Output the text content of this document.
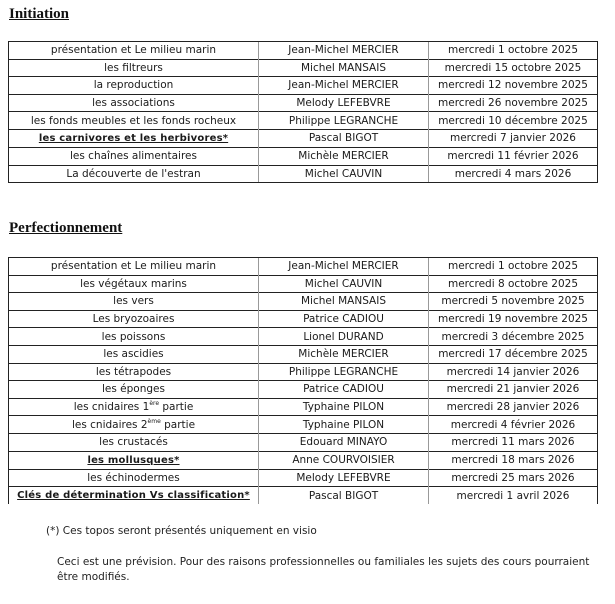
Initiation
présentation et Le milieu marin	Jean-Michel MERCIER	mercredi 1 octobre 2025
les filtreurs	Michel MANSAIS	mercredi 15 octobre 2025
la reproduction	Jean-Michel MERCIER	mercredi 12 novembre 2025
les associations	Melody LEFEBVRE	mercredi 26 novembre 2025
les fonds meubles et les fonds rocheux	Philippe LEGRANCHE	mercredi 10 décembre 2025
les carnivores et les herbivores*	Pascal BIGOT	mercredi 7 janvier 2026
les chaînes alimentaires	Michèle MERCIER	mercredi 11 février 2026
La découverte de l'estran	Michel CAUVIN	mercredi 4 mars 2026
Perfectionnement
présentation et Le milieu marin	Jean-Michel MERCIER	mercredi 1 octobre 2025
les végétaux marins	Michel CAUVIN	mercredi 8 octobre 2025
les vers	Michel MANSAIS	mercredi 5 novembre 2025
Les bryozoaires	Patrice CADIOU	mercredi 19 novembre 2025
les poissons	Lionel DURAND	mercredi 3 décembre 2025
les ascidies	Michèle MERCIER	mercredi 17 décembre 2025
les tétrapodes	Philippe LEGRANCHE	mercredi 14 janvier 2026
les éponges	Patrice CADIOU	mercredi 21 janvier 2026
les cnidaires 1ère partie	Typhaine PILON	mercredi 28 janvier 2026
les cnidaires 2ème partie	Typhaine PILON	mercredi 4 février 2026
les crustacés	Edouard MINAYO	mercredi 11 mars 2026
les mollusques*	Anne COURVOISIER	mercredi 18 mars 2026
les échinodermes	Melody LEFEBVRE	mercredi 25 mars 2026
Clés de détermination Vs classification*	Pascal BIGOT	mercredi 1 avril 2026
(*) Ces topos seront présentés uniquement en visio
Ceci est une prévision. Pour des raisons professionnelles ou familiales les sujets des cours pourraient être modifiés.
